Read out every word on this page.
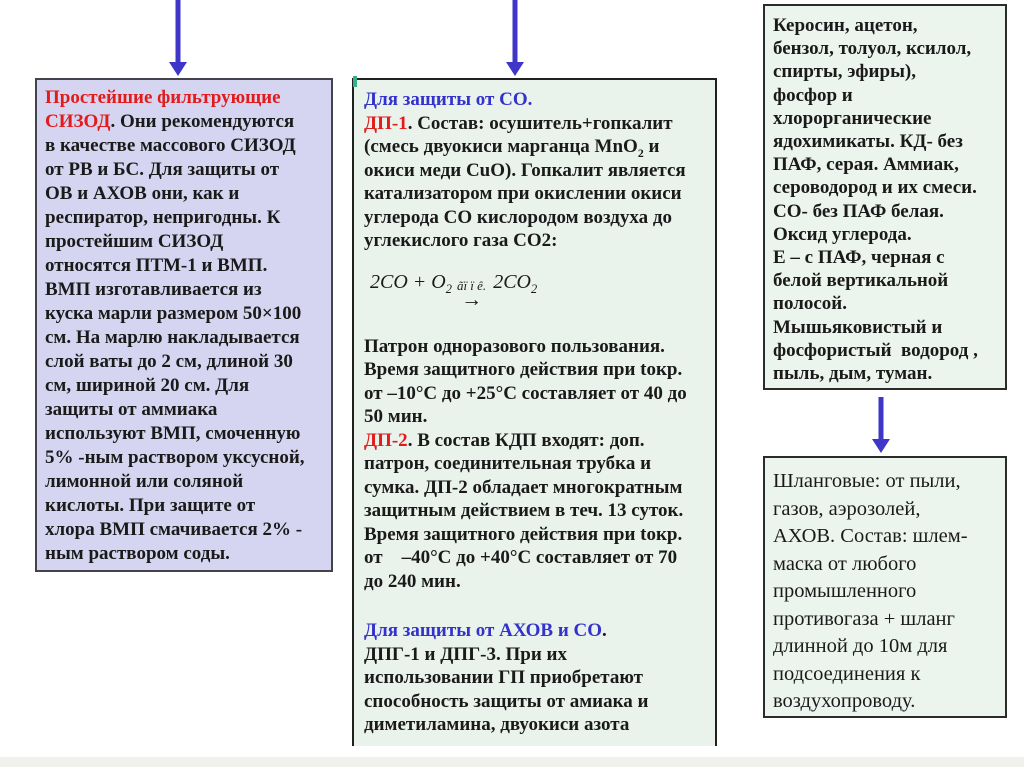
Простейшие фильтрующие
СИЗОД. Они рекомендуются
в качестве массового СИЗОД
от РВ и БС. Для защиты от
ОВ и АХОВ они, как и
респиратор, непригодны. К
простейшим СИЗОД
относятся ПТМ-1 и ВМП.
ВМП изготавливается из
куска марли размером 50×100
см. На марлю накладывается
слой ваты до 2 см, длиной 30
см, шириной 20 см. Для
защиты от аммиака
используют ВМП, смоченную
5% -ным раствором уксусной,
лимонной или соляной
кислоты. При защите от
хлора ВМП смачивается 2% -
ным раствором соды.

Для защиты от СО.
ДП-1. Состав: осушитель+гопкалит
(смесь двуокиси марганца MnO$_2$ и
окиси меди CuO). Гопкалит является
катализатором при окислении окиси
углерода СО кислородом воздуха до
углекислого газа СО2:

$2CO + O_2$ ãï ï ê.
→
$2CO_2$

Патрон одноразового пользования.
Время защитного действия при tокр.
от –10°С до +25°С составляет от 40 до
50 мин.

ДП-2. В состав КДП входят: доп.
патрон, соединительная трубка и
сумка. ДП-2 обладает многократным
защитным действием в теч. 13 суток.
Время защитного действия при tокр.
от    –40°С до +40°С составляет от 70
до 240 мин.

Для защиты от АХОВ и СО.
ДПГ-1 и ДПГ-3. При их
использовании ГП приобретают
способность защиты от амиака и
диметиламина, двуокиси азота

Керосин, ацетон,
бензол, толуол, ксилол,
спирты, эфиры),
фосфор и
хлорорганические
ядохимикаты. КД- без
ПАФ, серая. Аммиак,
сероводород и их смеси.
СО- без ПАФ белая.
Оксид углерода.
Е – с ПАФ, черная с
белой вертикальной
полосой.
Мышьяковистый и
фосфористый  водород ,
пыль, дым, туман.

Шланговые: от пыли,
газов, аэрозолей,
АХОВ. Состав: шлем-
маска от любого
промышленного
противогаза + шланг
длинной до 10м для
подсоединения к
воздухопроводу.
